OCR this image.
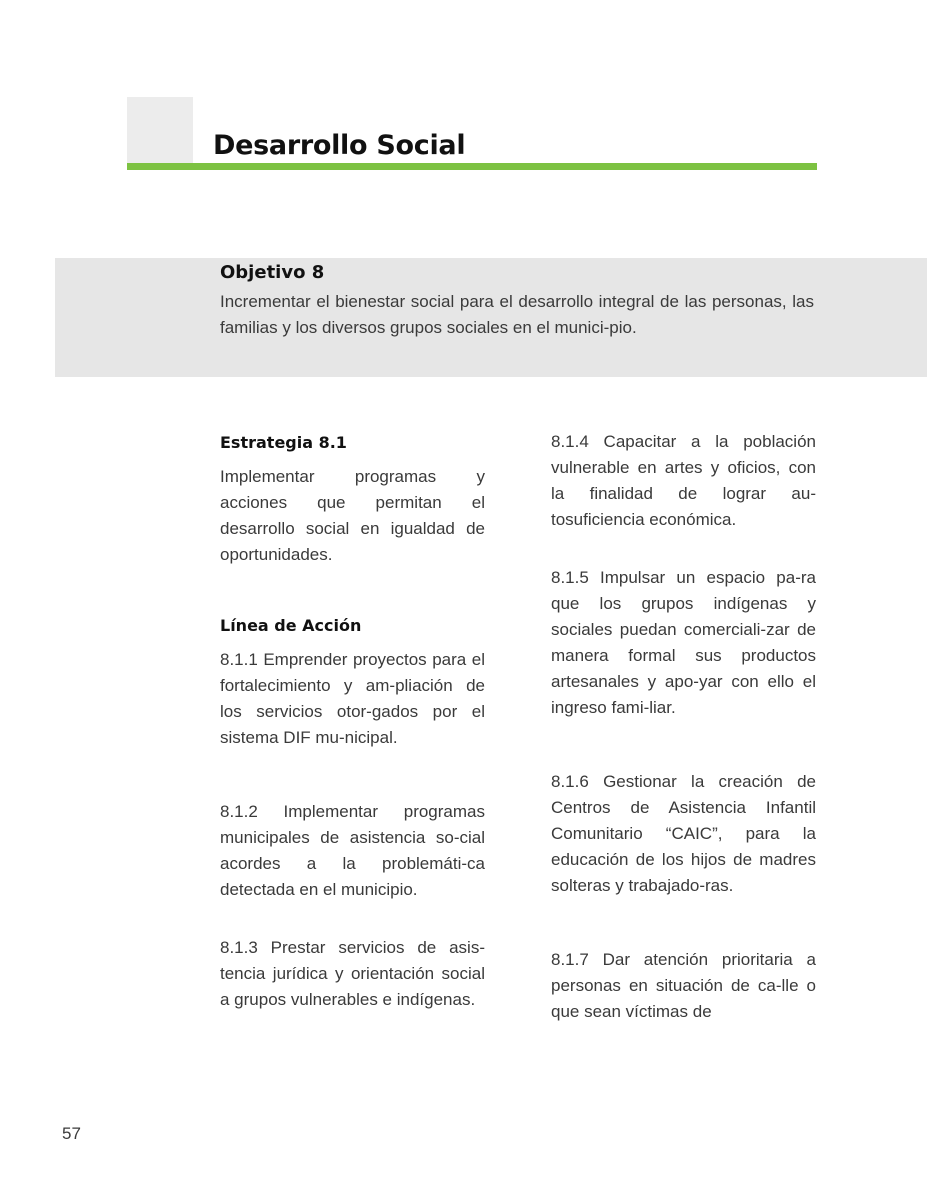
Desarrollo Social
Objetivo 8

Incrementar el bienestar social para el desarrollo integral de las personas, las familias y los diversos grupos sociales en el munici-pio.

Estrategia 8.1

Implementar programas y acciones que permitan el desarrollo social en igualdad de oportunidades.

Línea de Acción

8.1.1 Emprender proyectos para el fortalecimiento y am-pliación de los servicios otor-gados por el sistema DIF mu-nicipal.

8.1.2 Implementar programas municipales de asistencia so-cial acordes a la problemáti-ca detectada en el municipio.

8.1.3 Prestar servicios de asis-tencia jurídica y orientación social a grupos vulnerables e indígenas.

8.1.4 Capacitar a la población vulnerable en artes y oficios, con la finalidad de lograr au-tosuficiencia económica.

8.1.5 Impulsar un espacio pa-ra que los grupos indígenas y sociales puedan comerciali-zar de manera formal sus productos artesanales y apo-yar con ello el ingreso fami-liar.

8.1.6 Gestionar la creación de Centros de Asistencia Infantil Comunitario “CAIC”, para la educación de los hijos de madres solteras y trabajado-ras.

8.1.7 Dar atención prioritaria a personas en situación de ca-lle o que sean víctimas de

57
